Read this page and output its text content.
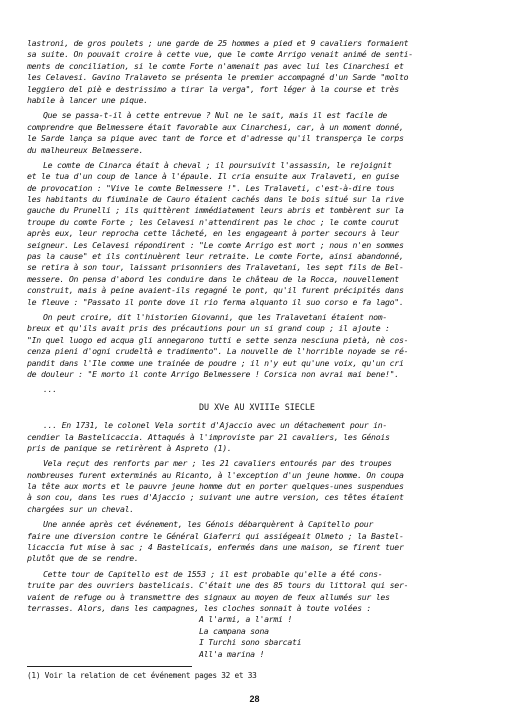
lastroni, de gros poulets ; une garde de 25 hommes a pied et 9 cavaliers formaient
sa suite. On pouvait croire à cette vue, que le comte Arrigo venait animé de senti-
ments de conciliation, si le comte Forte n'amenait pas avec lui les Cinarchesi et
les Celavesi. Gavino Tralaveto se présenta le premier accompagné d'un Sarde "molto
leggiero del piè e destrissimo a tirar la verga", fort léger à la course et très
habile à lancer une pique.
Que se passa-t-il à cette entrevue ? Nul ne le sait, mais il est facile de
comprendre que Belmessere était favorable aux Cinarchesi, car, à un moment donné,
le Sarde lança sa pique avec tant de force et d'adresse qu'il transperça le corps
du malheureux Belmessere.
Le comte de Cinarca était à cheval ; il poursuivit l'assassin, le rejoignit
et le tua d'un coup de lance à l'épaule. Il cria ensuite aux Tralaveti, en guise
de provocation : "Vive le comte Belmessere !". Les Tralaveti, c'est-à-dire tous
les habitants du fiuminale de Cauro étaient cachés dans le bois situé sur la rive
gauche du Prunelli ; ils quittèrent immédiatement leurs abris et tombèrent sur la
troupe du comte Forte ; les Celavesi n'attendirent pas le choc ; le comte courut
après eux, leur reprocha cette lâcheté, en les engageant à porter secours à leur
seigneur. Les Celavesi répondirent : "Le comte Arrigo est mort ; nous n'en sommes
pas la cause" et ils continuèrent leur retraite. Le comte Forte, ainsi abandonné,
se retira à son tour, laissant prisonniers des Tralavetani, les sept fils de Bel-
messere. On pensa d'abord les conduire dans le château de la Rocca, nouvellement
construit, mais à peine avaient-ils regagné le pont, qu'il furent précipités dans
le fleuve : "Passato il ponte dove il rio ferma alquanto il suo corso e fa lago".
On peut croire, dit l'historien Giovanni, que les Tralavetani étaient nom-
breux et qu'ils avait pris des précautions pour un si grand coup ; il ajoute :
"In quel luogo ed acqua gli annegarono tutti e sette senza nesciuna pietà, nè cos-
cenza pieni d'ogni crudeltà e tradimento". La nouvelle de l'horrible noyade se ré-
pandit dans l'Ile comme une trainée de poudre ; il n'y eut qu'une voix, qu'un cri
de douleur : "E morto il conte Arrigo Belmessere ! Corsica non avrai mai bene!".
...
DU XVe AU XVIIIe SIECLE
... En 1731, le colonel Vela sortit d'Ajaccio avec un détachement pour in-
cendier la Bastelicaccia. Attaqués à l'improviste par 21 cavaliers, les Génois
pris de panique se retirèrent à Aspreto (1).
Vela reçut des renforts par mer ; les 21 cavaliers entourés par des troupes
nombreuses furent exterminés au Ricanto, à l'exception d'un jeune homme. On coupa
la tête aux morts et le pauvre jeune homme dut en porter quelques-unes suspendues
à son cou, dans les rues d'Ajaccio ; suivant une autre version, ces têtes étaient
chargées sur un cheval.
Une année après cet événement, les Génois débarquèrent à Capitello pour
faire une diversion contre le Général Giaferri qui assiégeait Olmeto ; la Bastel-
licaccia fut mise à sac ; 4 Bastelicais, enfermés dans une maison, se firent tuer
plutôt que de se rendre.
Cette tour de Capitello est de 1553 ; il est probable qu'elle a été cons-
truite par des ouvriers bastelicais. C'était une des 85 tours du littoral qui ser-
vaient de refuge ou à transmettre des signaux au moyen de feux allumés sur les
terrasses. Alors, dans les campagnes, les cloches sonnait à toute volées :
A l'armi, a l'armi !
La campana sona
I Turchi sono sbarcati
All'a marina !
(1) Voir la relation de cet événement pages 32 et 33
28
